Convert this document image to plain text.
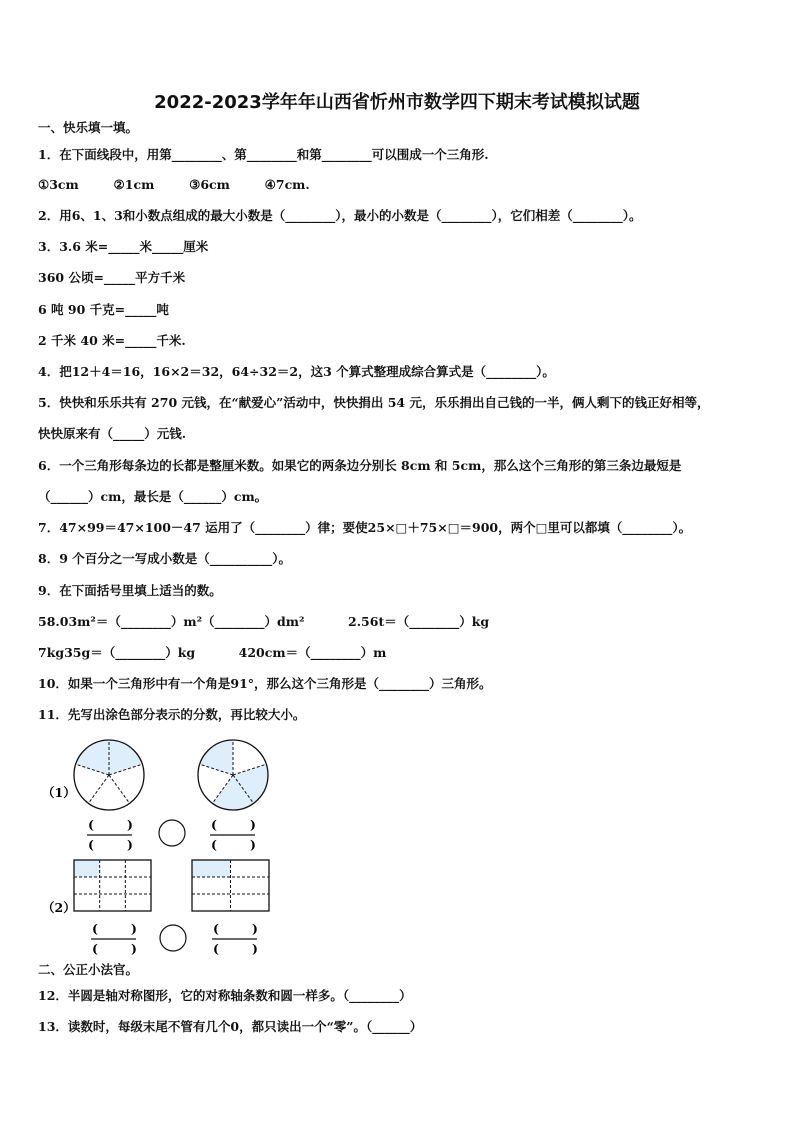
2022-2023学年年山西省忻州市数学四下期末考试模拟试题
一、快乐填一填。
1．在下面线段中，用第________、第________和第________可以围成一个三角形.
①3cm        ②1cm        ③6cm        ④7cm.
2．用6、1、3和小数点组成的最大小数是（________），最小的小数是（________），它们相差（________）。
3．3.6 米=_____米_____厘米
360 公顷=_____平方千米
6 吨 90 千克=_____吨
2 千米 40 米=_____千米.
4．把12＋4＝16，16×2＝32，64÷32＝2，这3 个算式整理成综合算式是（________）。
5．快快和乐乐共有 270 元钱，在“献爱心”活动中，快快捐出 54 元，乐乐捐出自己钱的一半，俩人剩下的钱正好相等，
快快原来有（_____）元钱.
6．一个三角形每条边的长都是整厘米数。如果它的两条边分别长 8cm 和 5cm，那么这个三角形的第三条边最短是
（______）cm，最长是（______）cm。
7．47×99＝47×100－47 运用了（________）律；要使25×□＋75×□＝900，两个□里可以都填（________）。
8．9 个百分之一写成小数是（__________）。
9．在下面括号里填上适当的数。
58.03m²＝（________）m²（________）dm²          2.56t＝（________）kg
7kg35g＝（________）kg          420cm＝（________）m
10．如果一个三角形中有一个角是91°，那么这个三角形是（________）三角形。
11．先写出涂色部分表示的分数，再比较大小。
二、公正小法官。
12．半圆是轴对称图形，它的对称轴条数和圆一样多。（________）
13．读数时，每级末尾不管有几个0，都只读出一个“零”。（______）
(	)
(	)
(	)
(	)
(	)
(	)
(	)
(	)
（1）
（2）
